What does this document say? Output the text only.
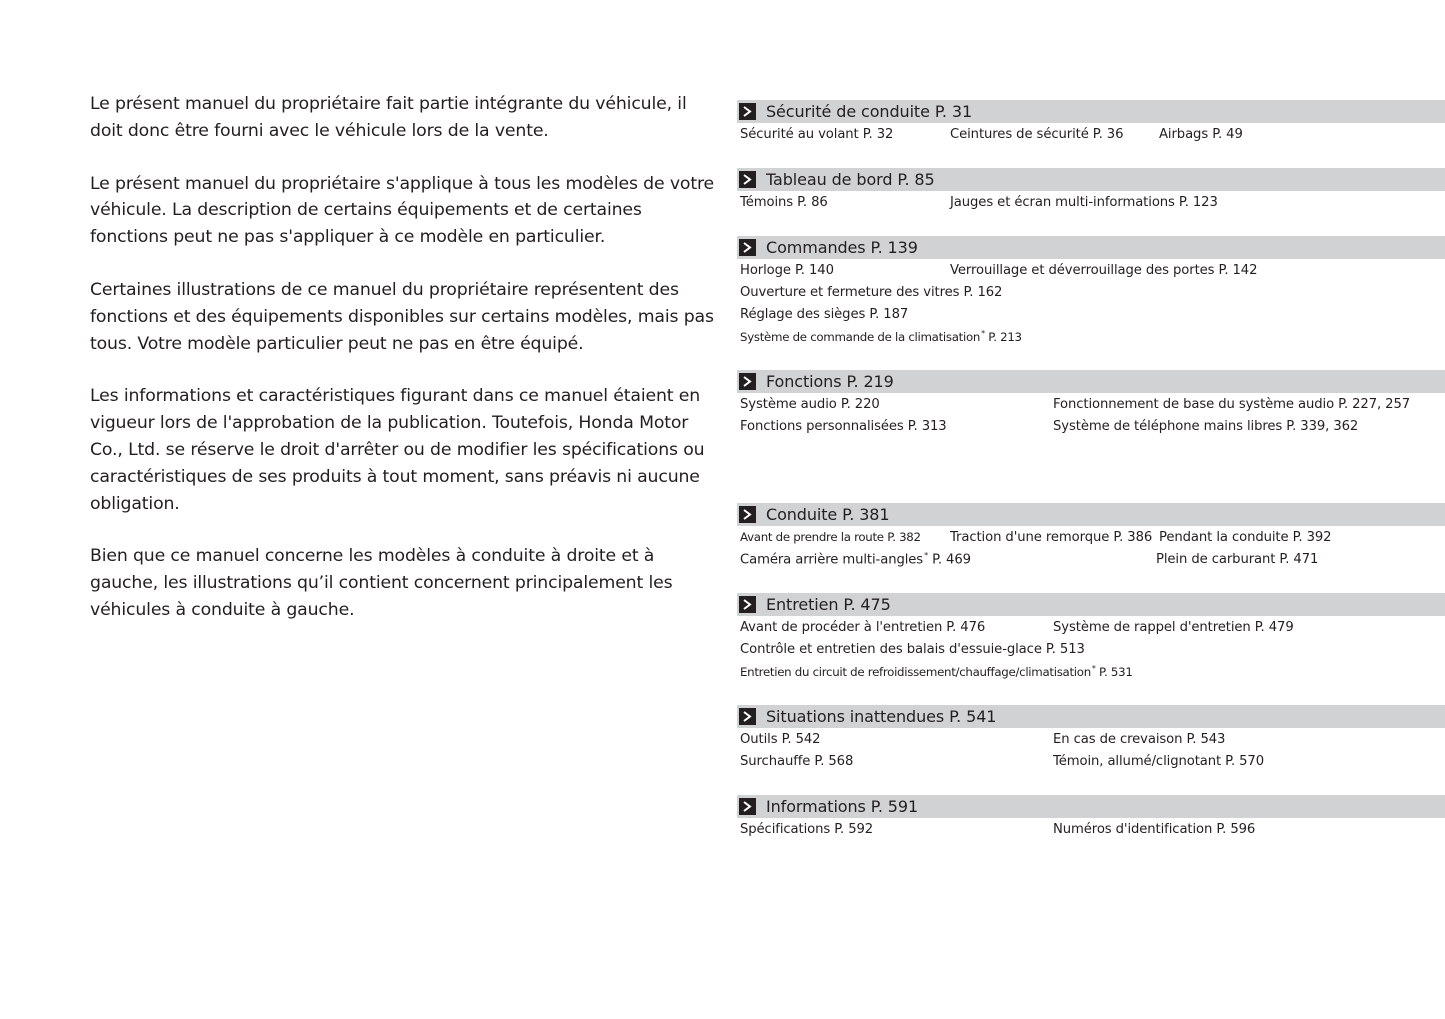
Le présent manuel du propriétaire fait partie intégrante du véhicule, il doit donc être fourni avec le véhicule lors de la vente.

Le présent manuel du propriétaire s'applique à tous les modèles de votre véhicule. La description de certains équipements et de certaines fonctions peut ne pas s'appliquer à ce modèle en particulier.

Certaines illustrations de ce manuel du propriétaire représentent des fonctions et des équipements disponibles sur certains modèles, mais pas tous. Votre modèle particulier peut ne pas en être équipé.

Les informations et caractéristiques figurant dans ce manuel étaient en vigueur lors de l'approbation de la publication. Toutefois, Honda Motor Co., Ltd. se réserve le droit d'arrêter ou de modifier les spécifications ou caractéristiques de ses produits à tout moment, sans préavis ni aucune obligation.

Bien que ce manuel concerne les modèles à conduite à droite et à gauche, les illustrations qu’il contient concernent principalement les véhicules à conduite à gauche.

Sécurité de conduite P. 31
Sécurité au volant P. 32	Ceintures de sécurité P. 36	Airbags P. 49
Tableau de bord P. 85
Témoins P. 86	Jauges et écran multi-informations P. 123
Commandes P. 139
Horloge P. 140	Verrouillage et déverrouillage des portes P. 142
Ouverture et fermeture des vitres P. 162
Réglage des sièges P. 187
Système de commande de la climatisation* P. 213
Fonctions P. 219
Système audio P. 220	Fonctionnement de base du système audio P. 227, 257
Fonctions personnalisées P. 313	Système de téléphone mains libres P. 339, 362
Conduite P. 381
Avant de prendre la route P. 382	Traction d'une remorque P. 386 Pendant la conduite P. 392
Caméra arrière multi-angles* P. 469	Plein de carburant P. 471
Entretien P. 475
Avant de procéder à l'entretien P. 476	Système de rappel d'entretien P. 479
Contrôle et entretien des balais d'essuie-glace P. 513
Entretien du circuit de refroidissement/chauffage/climatisation* P. 531
Situations inattendues P. 541
Outils P. 542	En cas de crevaison P. 543
Surchauffe P. 568	Témoin, allumé/clignotant P. 570
Informations P. 591
Spécifications P. 592	Numéros d'identification P. 596
